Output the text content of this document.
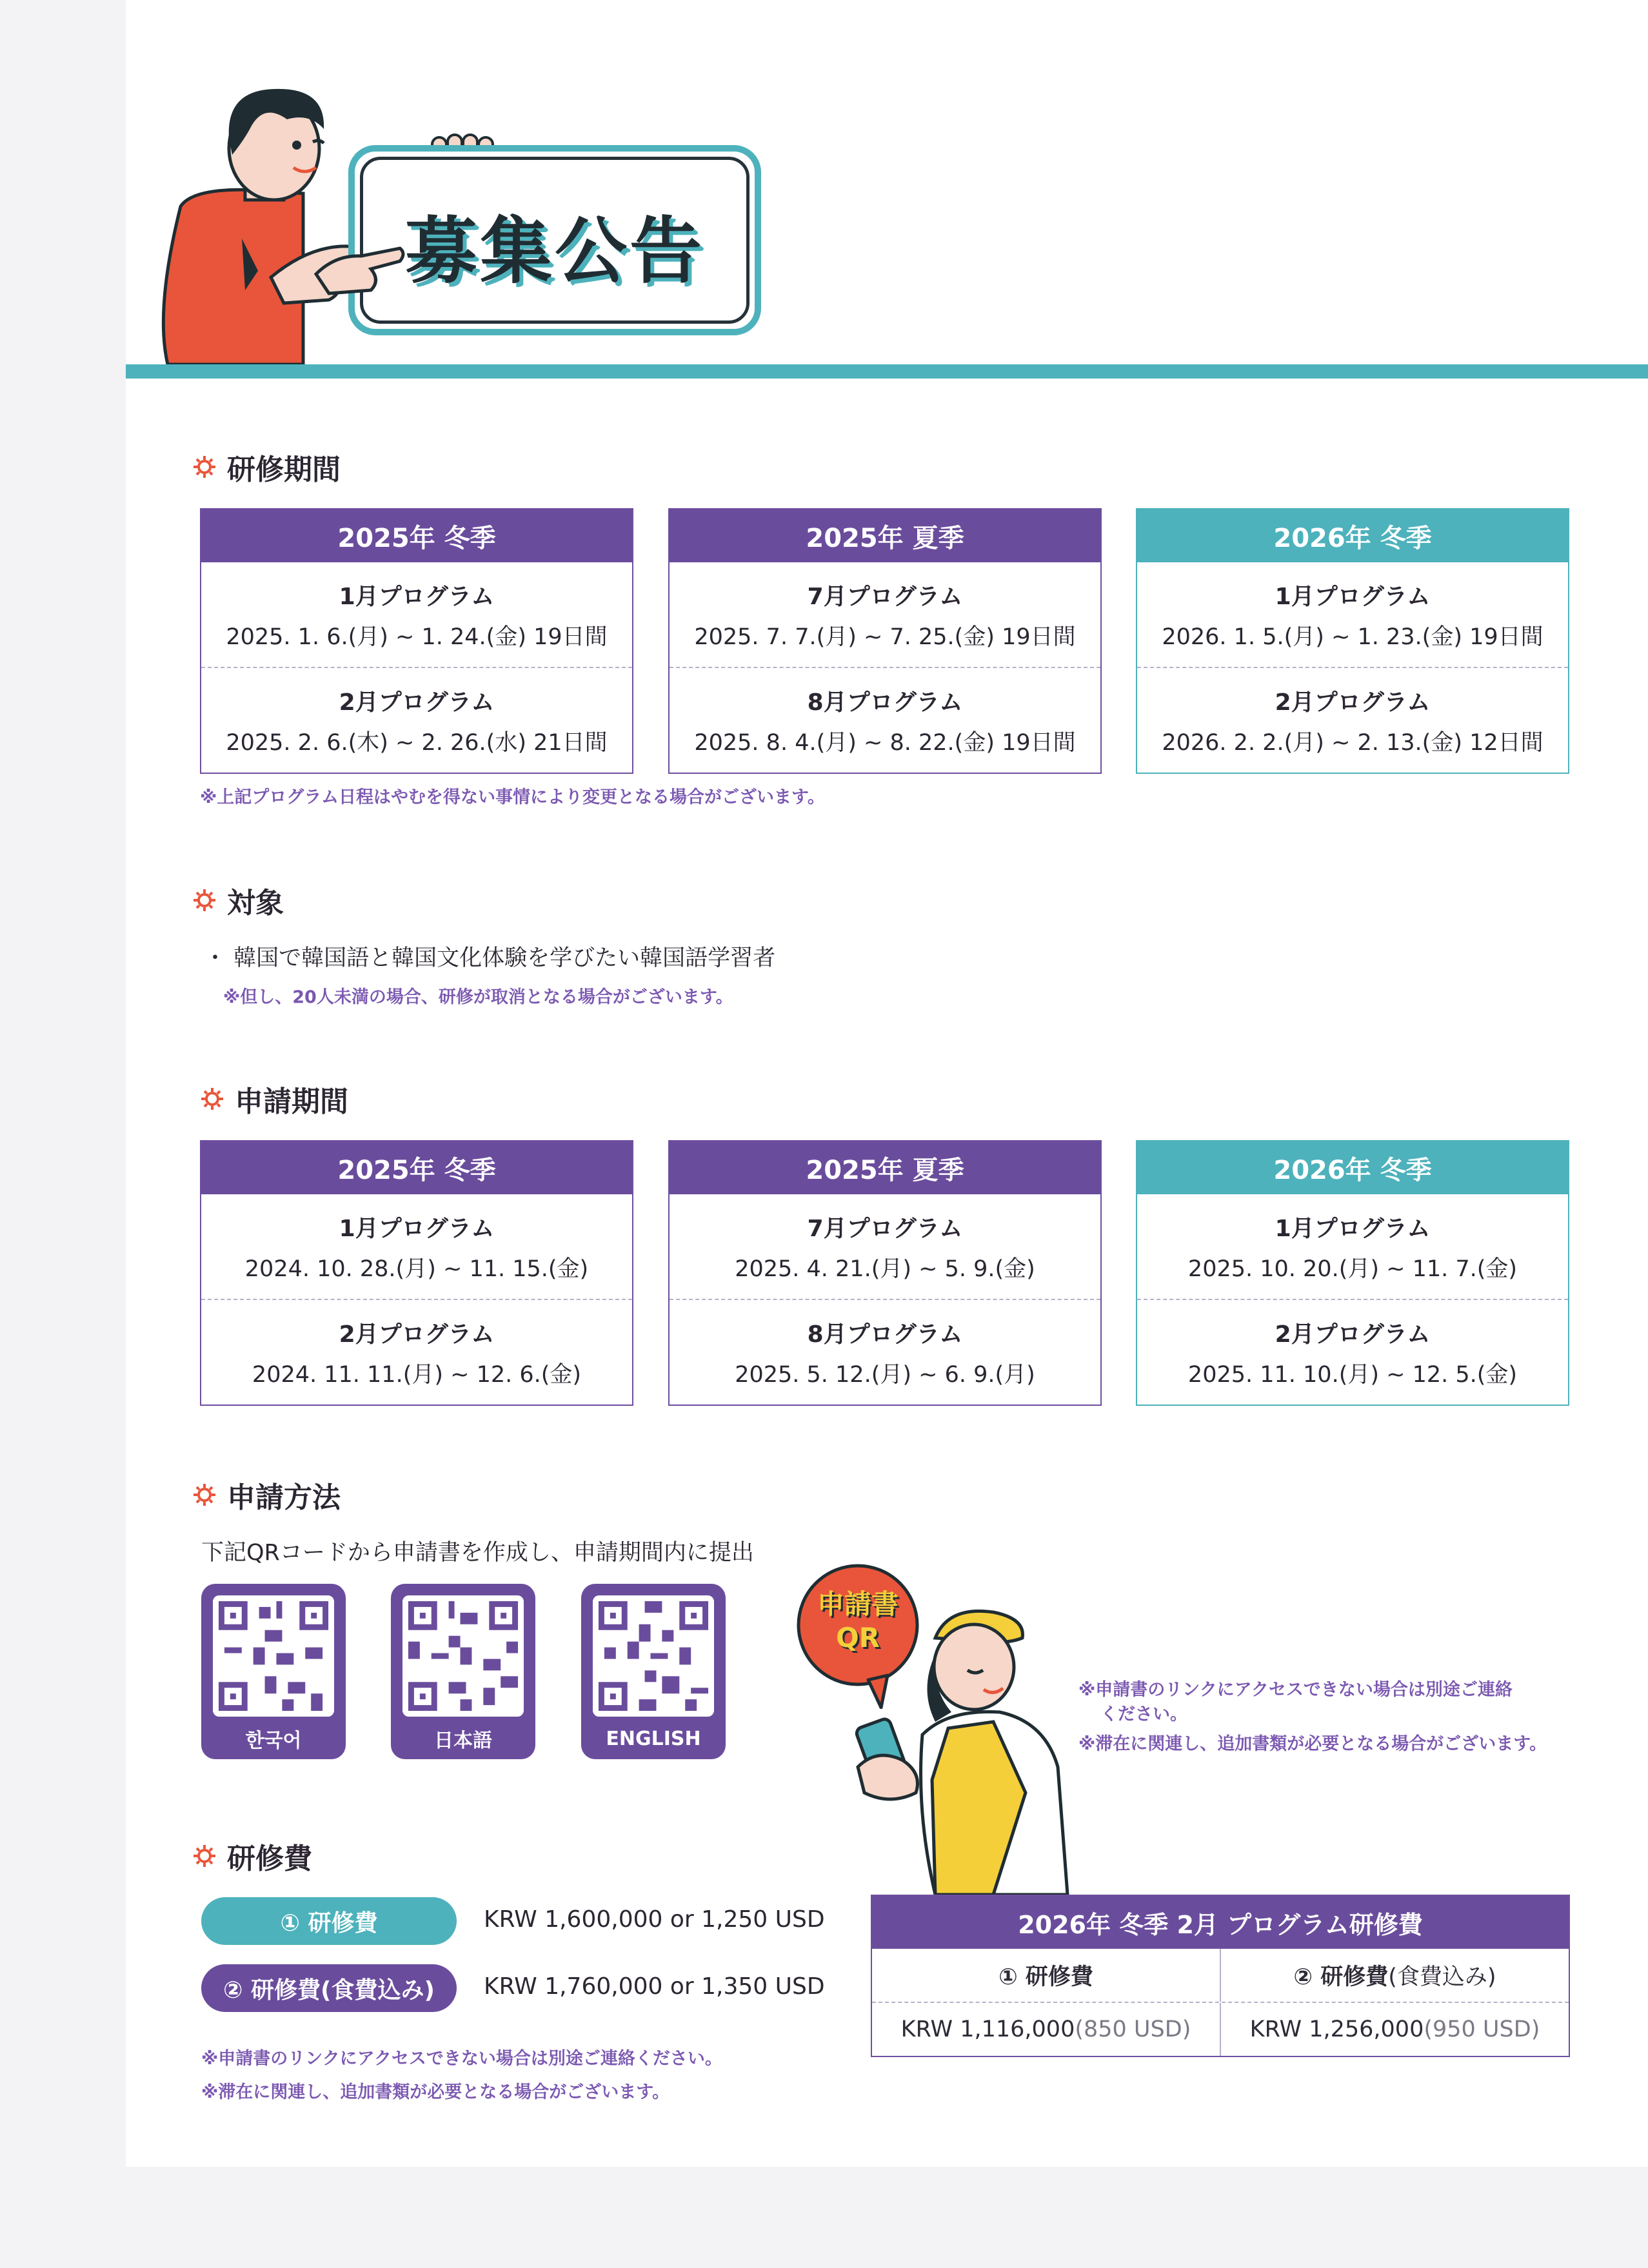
募集公告
研修期間
2025年 冬季
1月プログラム
2025. 1. 6.(月) ~ 1. 24.(金) 19日間
2月プログラム
2025. 2. 6.(木) ~ 2. 26.(水) 21日間
2025年 夏季
7月プログラム
2025. 7. 7.(月) ~ 7. 25.(金) 19日間
8月プログラム
2025. 8. 4.(月) ~ 8. 22.(金) 19日間
2026年 冬季
1月プログラム
2026. 1. 5.(月) ~ 1. 23.(金) 19日間
2月プログラム
2026. 2. 2.(月) ~ 2. 13.(金) 12日間
※上記プログラム日程はやむを得ない事情により変更となる場合がございます。
対象
・ 韓国で韓国語と韓国文化体験を学びたい韓国語学習者
※但し、20人未満の場合、研修が取消となる場合がございます。
申請期間
2025年 冬季
1月プログラム
2024. 10. 28.(月) ~ 11. 15.(金)
2月プログラム
2024. 11. 11.(月) ~ 12. 6.(金)
2025年 夏季
7月プログラム
2025. 4. 21.(月) ~ 5. 9.(金)
8月プログラム
2025. 5. 12.(月) ~ 6. 9.(月)
2026年 冬季
1月プログラム
2025. 10. 20.(月) ~ 11. 7.(金)
2月プログラム
2025. 11. 10.(月) ~ 12. 5.(金)
申請方法
下記QRコードから申請書を作成し、申請期間内に提出
한국어	日本語	ENGLISH
申請書
QR
※申請書のリンクにアクセスできない場合は別途ご連絡
ください。
※滞在に関連し、追加書類が必要となる場合がございます。
研修費
① 研修費	KRW 1,600,000 or 1,250 USD
② 研修費(食費込み)	KRW 1,760,000 or 1,350 USD
※申請書のリンクにアクセスできない場合は別途ご連絡ください。
※滞在に関連し、追加書類が必要となる場合がございます。
2026年 冬季 2月 プログラム研修費
① 研修費	② 研修費 (食費込み)
KRW 1,116,000 (850 USD)	KRW 1,256,000 (950 USD)
